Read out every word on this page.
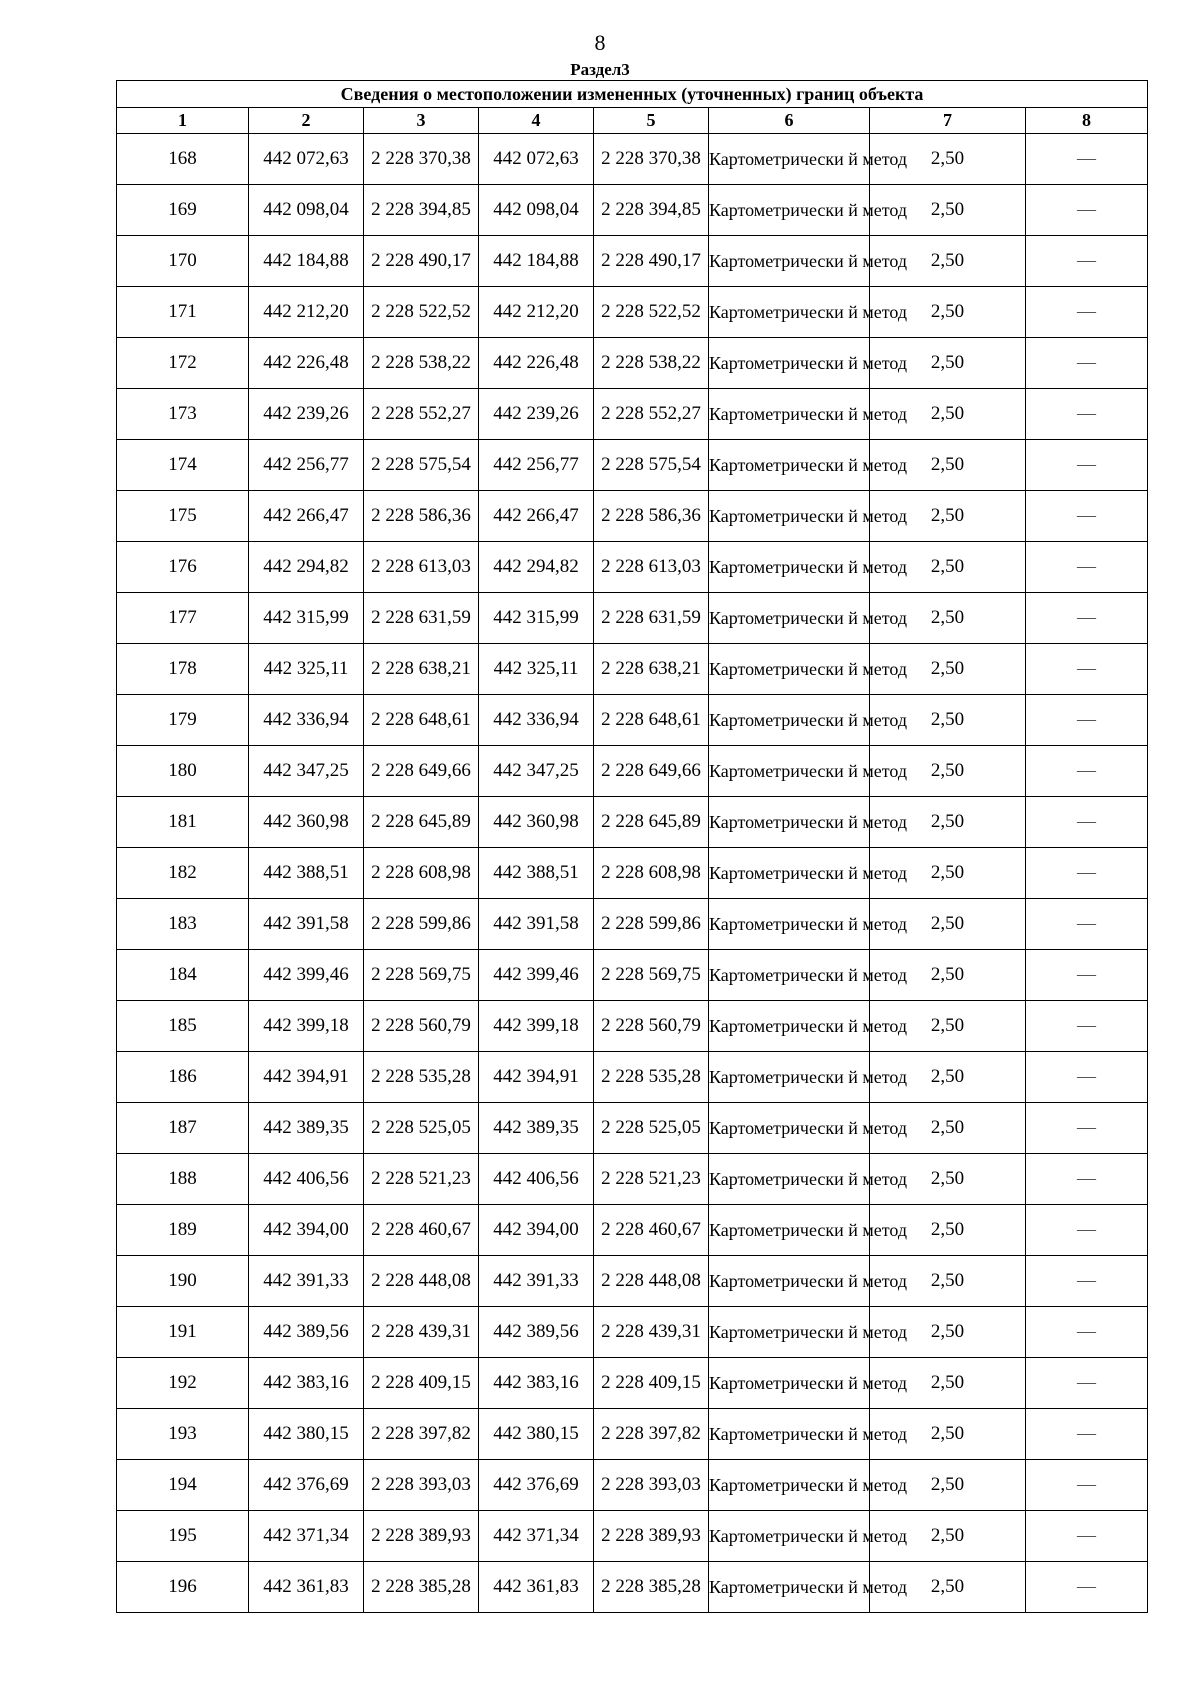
8
Раздел3
Сведения о местоположении измененных (уточненных) границ объекта							
1	2	3	4	5	6	7	8
168	442 072,63	2 228 370,38	442 072,63	2 228 370,38	Картометрически й метод	2,50	—
169	442 098,04	2 228 394,85	442 098,04	2 228 394,85	Картометрически й метод	2,50	—
170	442 184,88	2 228 490,17	442 184,88	2 228 490,17	Картометрически й метод	2,50	—
171	442 212,20	2 228 522,52	442 212,20	2 228 522,52	Картометрически й метод	2,50	—
172	442 226,48	2 228 538,22	442 226,48	2 228 538,22	Картометрически й метод	2,50	—
173	442 239,26	2 228 552,27	442 239,26	2 228 552,27	Картометрически й метод	2,50	—
174	442 256,77	2 228 575,54	442 256,77	2 228 575,54	Картометрически й метод	2,50	—
175	442 266,47	2 228 586,36	442 266,47	2 228 586,36	Картометрически й метод	2,50	—
176	442 294,82	2 228 613,03	442 294,82	2 228 613,03	Картометрически й метод	2,50	—
177	442 315,99	2 228 631,59	442 315,99	2 228 631,59	Картометрически й метод	2,50	—
178	442 325,11	2 228 638,21	442 325,11	2 228 638,21	Картометрически й метод	2,50	—
179	442 336,94	2 228 648,61	442 336,94	2 228 648,61	Картометрически й метод	2,50	—
180	442 347,25	2 228 649,66	442 347,25	2 228 649,66	Картометрически й метод	2,50	—
181	442 360,98	2 228 645,89	442 360,98	2 228 645,89	Картометрически й метод	2,50	—
182	442 388,51	2 228 608,98	442 388,51	2 228 608,98	Картометрически й метод	2,50	—
183	442 391,58	2 228 599,86	442 391,58	2 228 599,86	Картометрически й метод	2,50	—
184	442 399,46	2 228 569,75	442 399,46	2 228 569,75	Картометрически й метод	2,50	—
185	442 399,18	2 228 560,79	442 399,18	2 228 560,79	Картометрически й метод	2,50	—
186	442 394,91	2 228 535,28	442 394,91	2 228 535,28	Картометрически й метод	2,50	—
187	442 389,35	2 228 525,05	442 389,35	2 228 525,05	Картометрически й метод	2,50	—
188	442 406,56	2 228 521,23	442 406,56	2 228 521,23	Картометрически й метод	2,50	—
189	442 394,00	2 228 460,67	442 394,00	2 228 460,67	Картометрически й метод	2,50	—
190	442 391,33	2 228 448,08	442 391,33	2 228 448,08	Картометрически й метод	2,50	—
191	442 389,56	2 228 439,31	442 389,56	2 228 439,31	Картометрически й метод	2,50	—
192	442 383,16	2 228 409,15	442 383,16	2 228 409,15	Картометрически й метод	2,50	—
193	442 380,15	2 228 397,82	442 380,15	2 228 397,82	Картометрически й метод	2,50	—
194	442 376,69	2 228 393,03	442 376,69	2 228 393,03	Картометрически й метод	2,50	—
195	442 371,34	2 228 389,93	442 371,34	2 228 389,93	Картометрически й метод	2,50	—
196	442 361,83	2 228 385,28	442 361,83	2 228 385,28	Картометрически й метод	2,50	—
